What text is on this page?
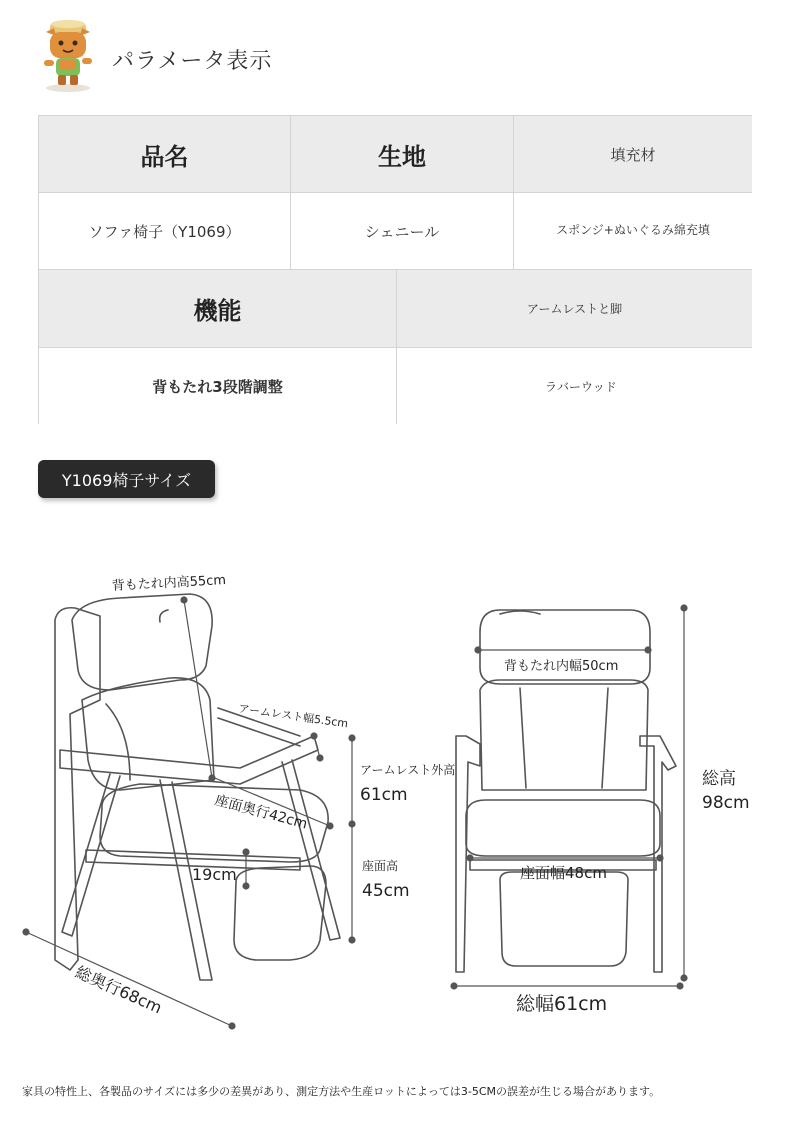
パラメータ表示
品名	生地	填充材
ソファ椅子（Y1069）	シェニール	スポンジ+ぬいぐるみ綿充填
機能	アームレストと脚
背もたれ3段階調整	ラバーウッド
Y1069椅子サイズ
背もたれ内高55cm
アームレスト幅5.5cm
アームレスト外高
61cm
座面奥行42cm
19cm	座面高
45cm
総奥行68cm
背もたれ内幅50cm
座面幅48cm
総幅61cm
総高
98cm
家具の特性上、各製品のサイズには多少の差異があり、測定方法や生産ロットによっては3-5CMの誤差が生じる場合があります。
